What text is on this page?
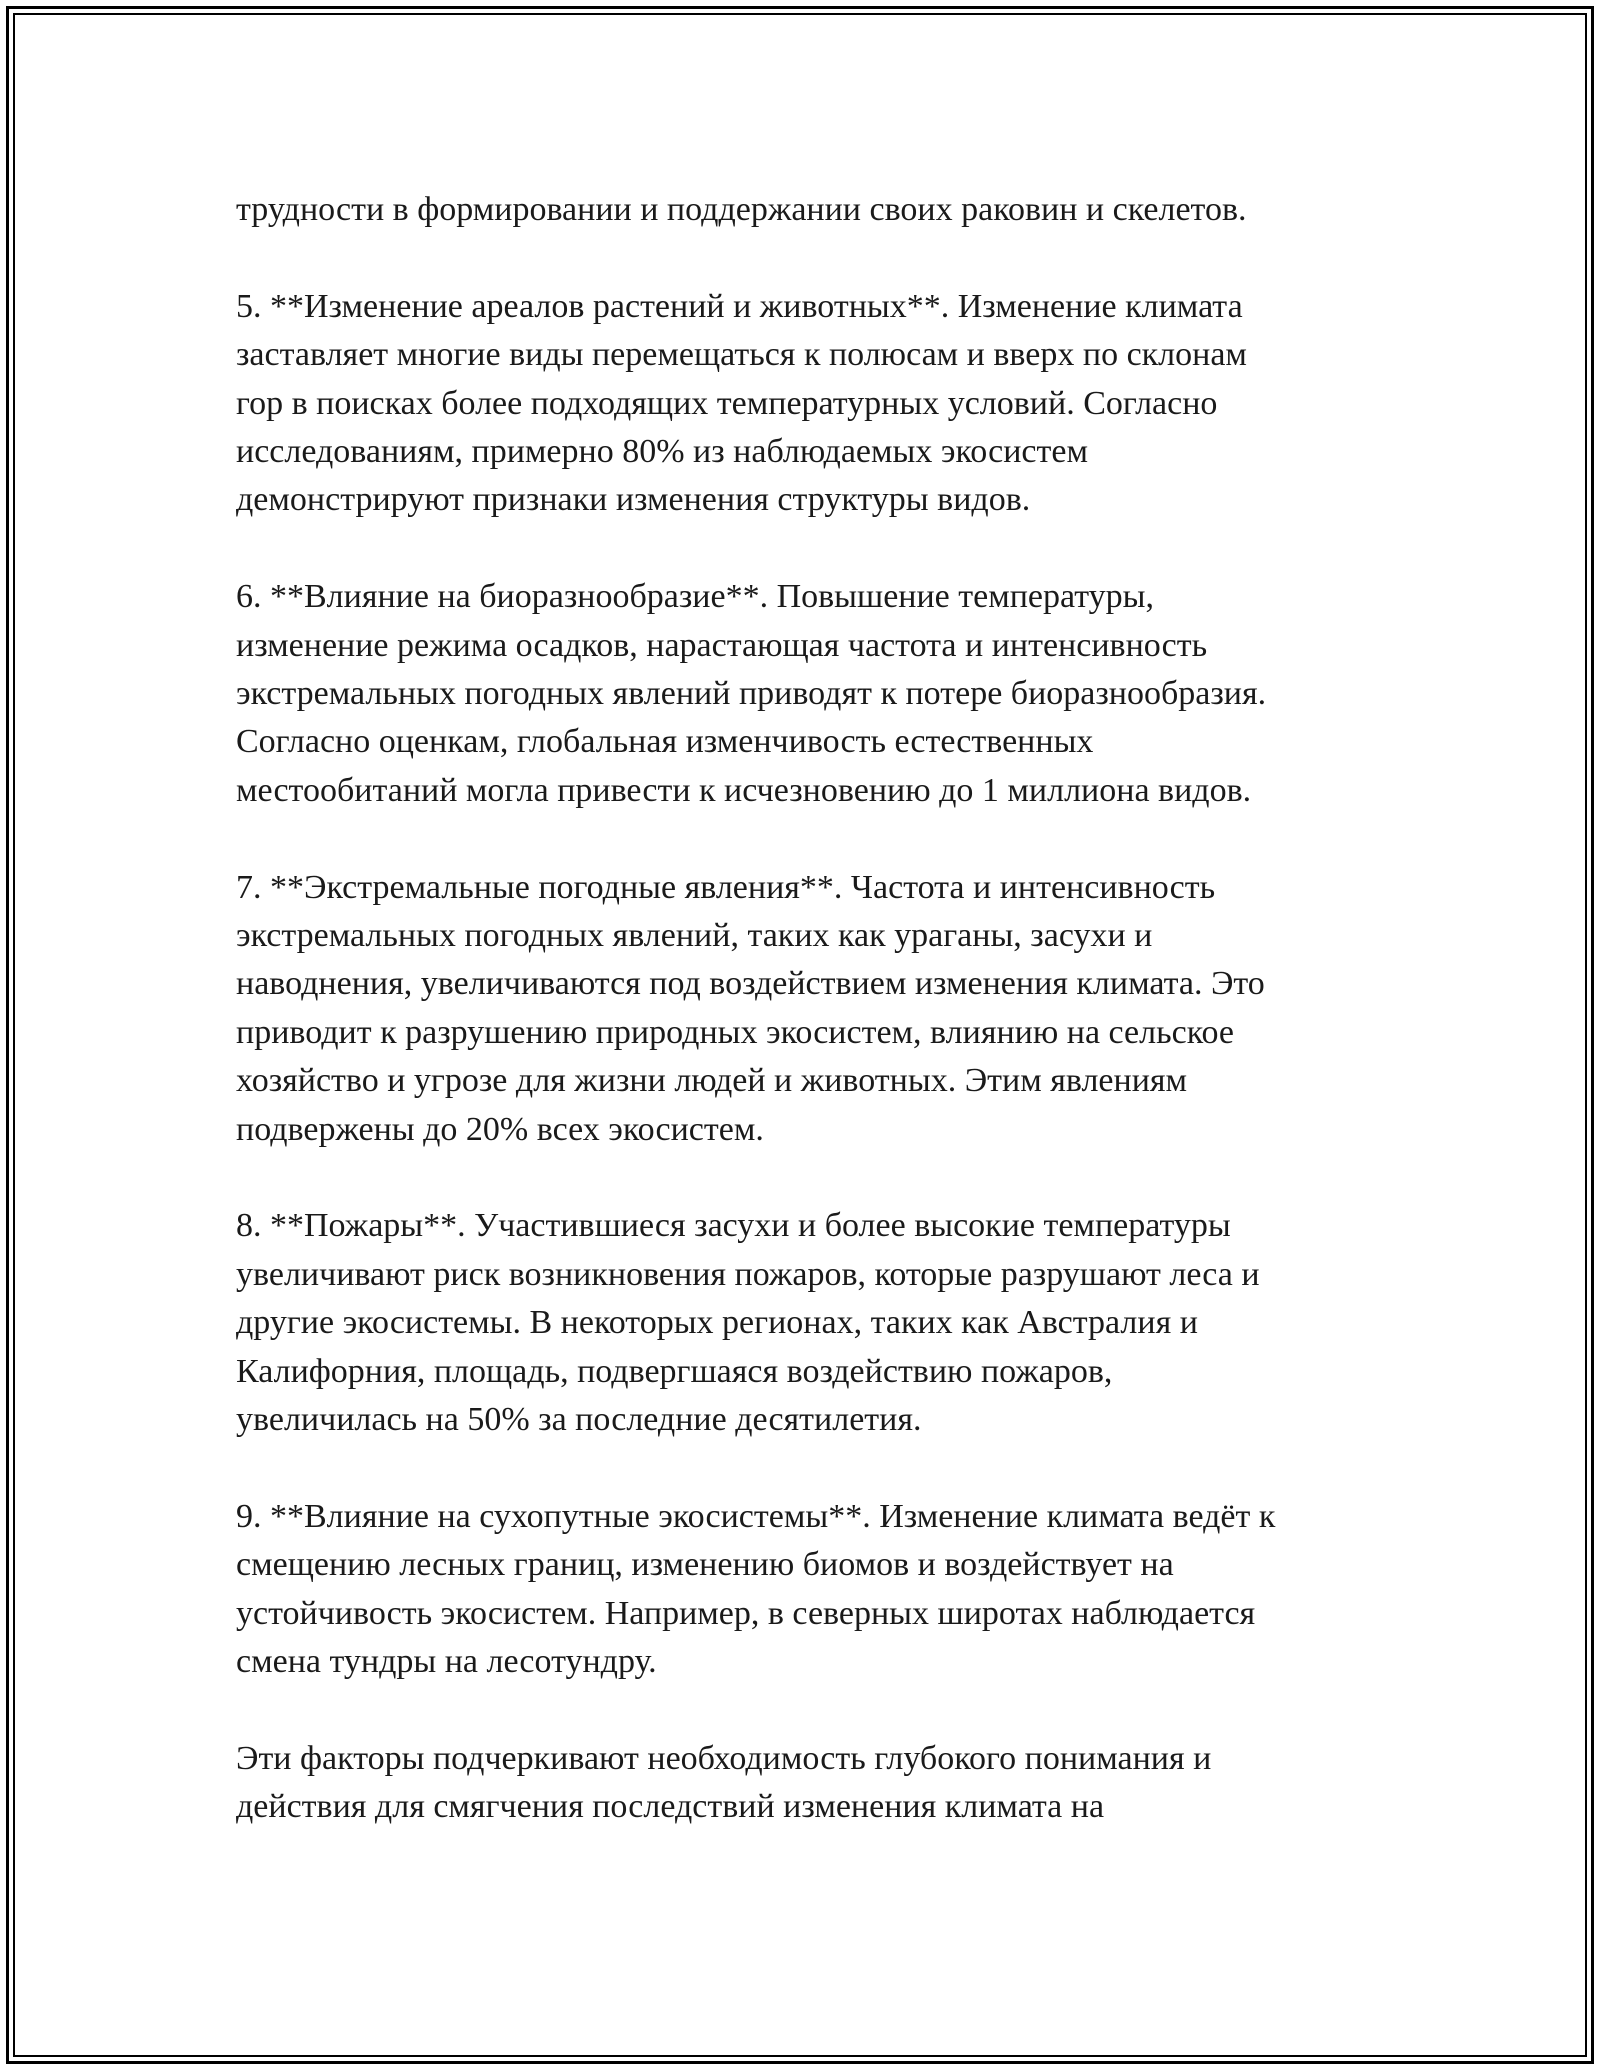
трудности в формировании и поддержании своих раковин и скелетов.

5. **Изменение ареалов растений и животных**. Изменение климата
заставляет многие виды перемещаться к полюсам и вверх по склонам
гор в поисках более подходящих температурных условий. Согласно
исследованиям, примерно 80% из наблюдаемых экосистем
демонстрируют признаки изменения структуры видов.

6. **Влияние на биоразнообразие**. Повышение температуры,
изменение режима осадков, нарастающая частота и интенсивность
экстремальных погодных явлений приводят к потере биоразнообразия.
Согласно оценкам, глобальная изменчивость естественных
местообитаний могла привести к исчезновению до 1 миллиона видов.

7. **Экстремальные погодные явления**. Частота и интенсивность
экстремальных погодных явлений, таких как ураганы, засухи и
наводнения, увеличиваются под воздействием изменения климата. Это
приводит к разрушению природных экосистем, влиянию на сельское
хозяйство и угрозе для жизни людей и животных. Этим явлениям
подвержены до 20% всех экосистем.

8. **Пожары**. Участившиеся засухи и более высокие температуры
увеличивают риск возникновения пожаров, которые разрушают леса и
другие экосистемы. В некоторых регионах, таких как Австралия и
Калифорния, площадь, подвергшаяся воздействию пожаров,
увеличилась на 50% за последние десятилетия.

9. **Влияние на сухопутные экосистемы**. Изменение климата ведёт к
смещению лесных границ, изменению биомов и воздействует на
устойчивость экосистем. Например, в северных широтах наблюдается
смена тундры на лесотундру.

Эти факторы подчеркивают необходимость глубокого понимания и
действия для смягчения последствий изменения климата на
